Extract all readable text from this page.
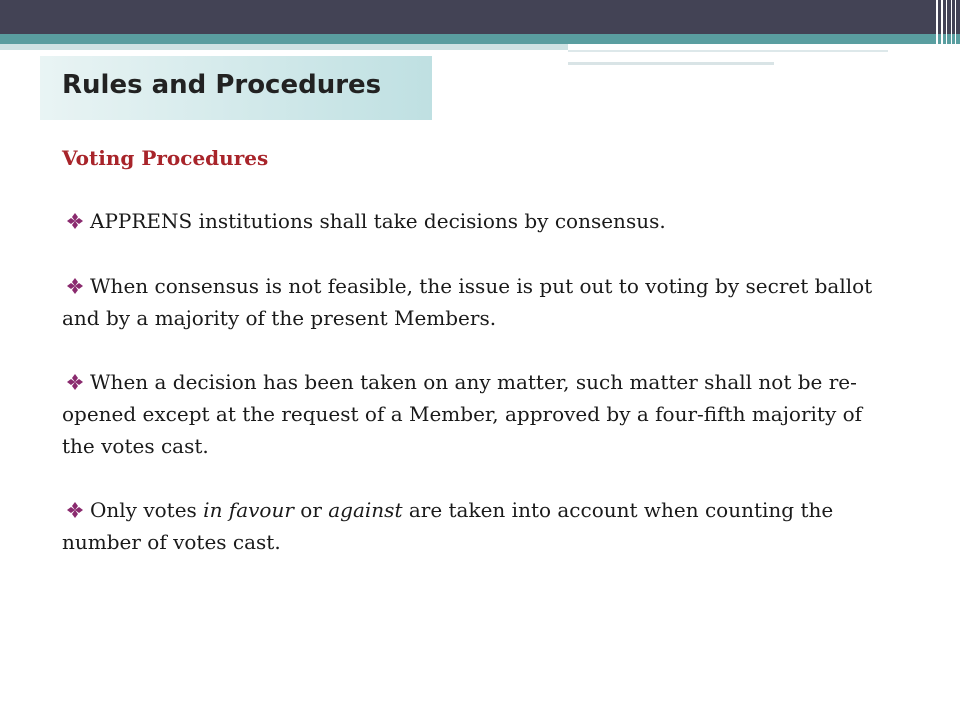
Rules and Procedures
Voting Procedures
APPRENS institutions shall take decisions by consensus.
When consensus is not feasible, the issue is put out to voting by secret ballot and by a majority of the present Members.
When a decision has been taken on any matter, such matter shall not be re-opened except at the request of a Member, approved by a four-fifth majority of the votes cast.
Only votes in favour or against are taken into account when counting the number of votes cast.
